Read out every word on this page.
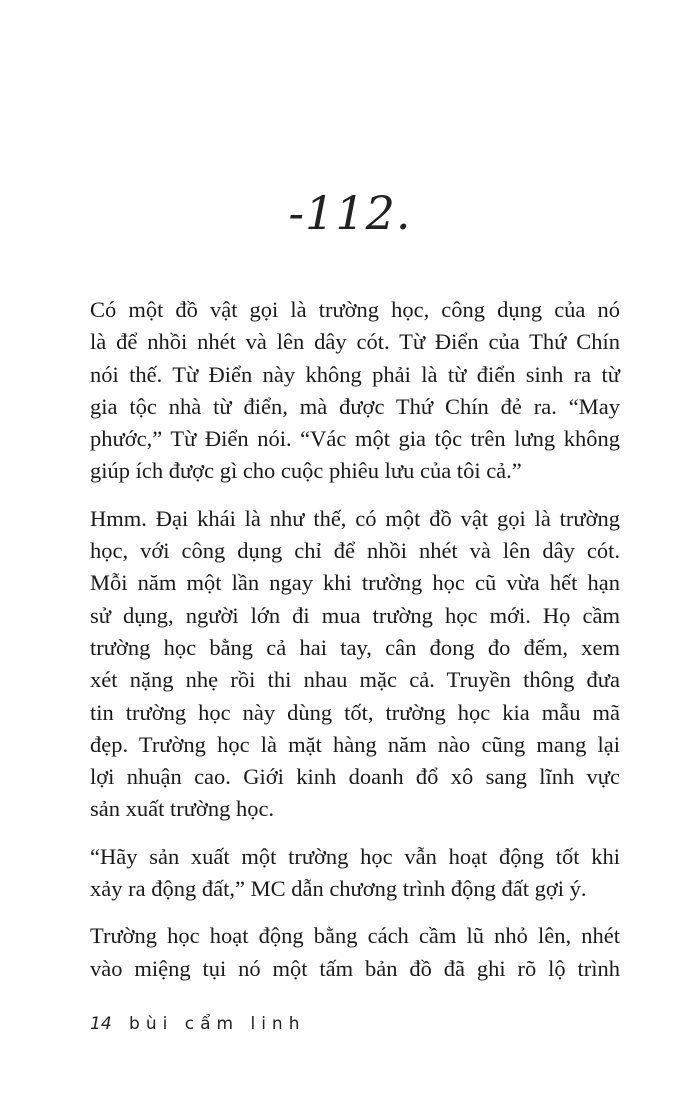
-112.

Có một đồ vật gọi là trường học, công dụng của nó
là để nhồi nhét và lên dây cót. Từ Điển của Thứ Chín
nói thế. Từ Điển này không phải là từ điển sinh ra từ
gia tộc nhà từ điển, mà được Thứ Chín đẻ ra. “May
phước,” Từ Điển nói. “Vác một gia tộc trên lưng không
giúp ích được gì cho cuộc phiêu lưu của tôi cả.”

Hmm. Đại khái là như thế, có một đồ vật gọi là trường
học, với công dụng chỉ để nhồi nhét và lên dây cót.
Mỗi năm một lần ngay khi trường học cũ vừa hết hạn
sử dụng, người lớn đi mua trường học mới. Họ cầm
trường học bằng cả hai tay, cân đong đo đếm, xem
xét nặng nhẹ rồi thi nhau mặc cả. Truyền thông đưa
tin trường học này dùng tốt, trường học kia mẫu mã
đẹp. Trường học là mặt hàng năm nào cũng mang lại
lợi nhuận cao. Giới kinh doanh đổ xô sang lĩnh vực
sản xuất trường học.

“Hãy sản xuất một trường học vẫn hoạt động tốt khi
xảy ra động đất,” MC dẫn chương trình động đất gợi ý.

Trường học hoạt động bằng cách cầm lũ nhỏ lên, nhét
vào miệng tụi nó một tấm bản đồ đã ghi rõ lộ trình

14 bùi cẩm linh
